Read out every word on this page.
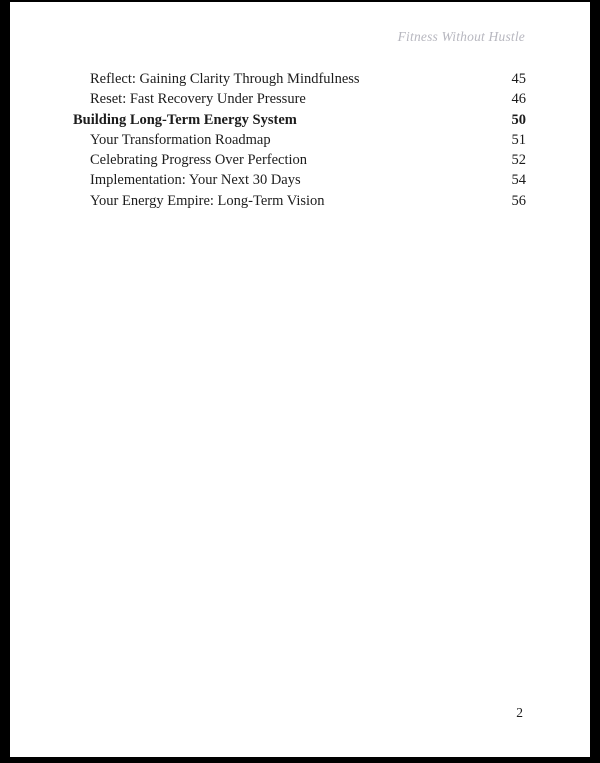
Fitness Without Hustle
Reflect: Gaining Clarity Through Mindfulness	45
Reset: Fast Recovery Under Pressure	46
Building Long-Term Energy System	50
Your Transformation Roadmap	51
Celebrating Progress Over Perfection	52
Implementation: Your Next 30 Days	54
Your Energy Empire: Long-Term Vision	56
2
